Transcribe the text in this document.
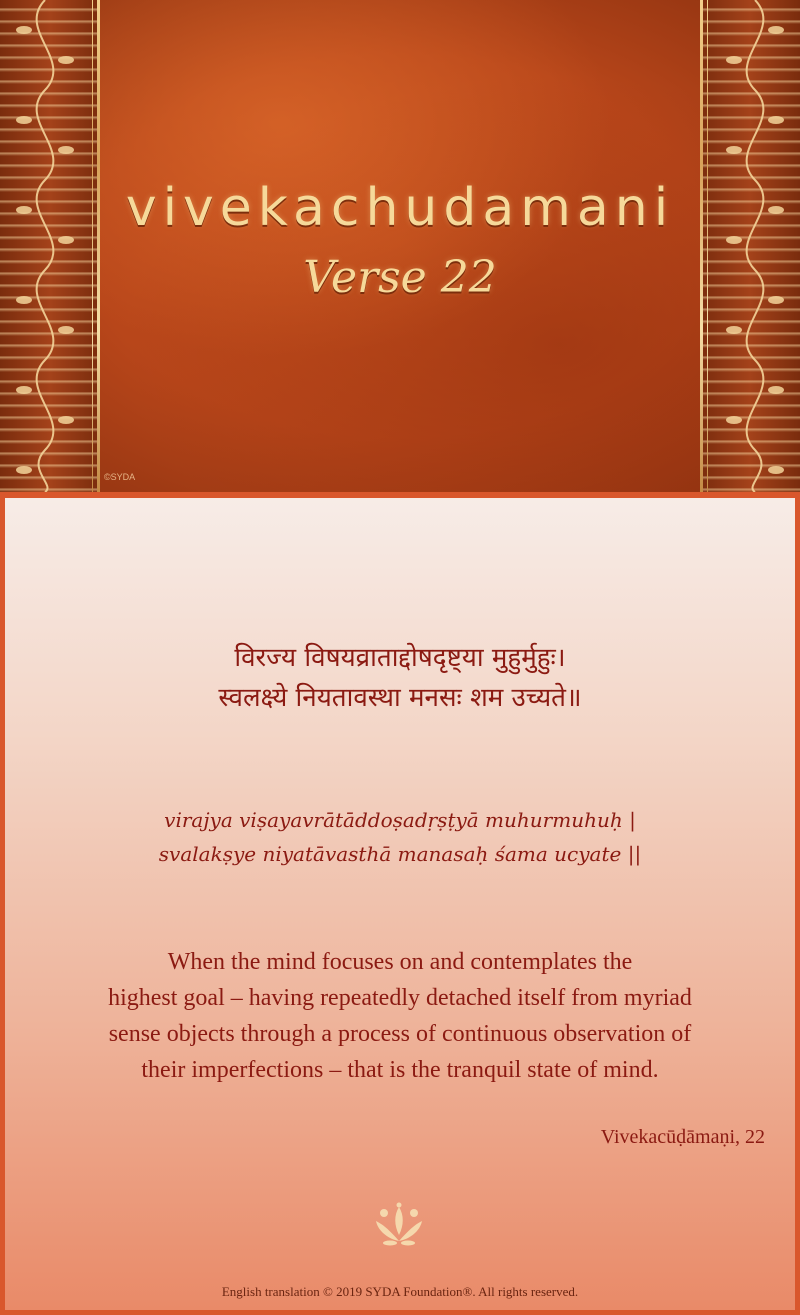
vivekachudamani
Verse 22
©SYDA
विरज्य विषयव्राताद्दोषदृष्ट्या मुहुर्मुहुः।
स्वलक्ष्ये नियतावस्था मनसः शम उच्यते॥
virajya viṣayavrātāddoṣadṛṣṭyā muhurmuhuḥ |
svalakṣye niyatāvasthā manasaḥ śama ucyate ||
When the mind focuses on and contemplates the
highest goal – having repeatedly detached itself from myriad
sense objects through a process of continuous observation of
their imperfections – that is the tranquil state of mind.
Vivekacūḍāmaṇi, 22
English translation © 2019 SYDA Foundation®. All rights reserved.
